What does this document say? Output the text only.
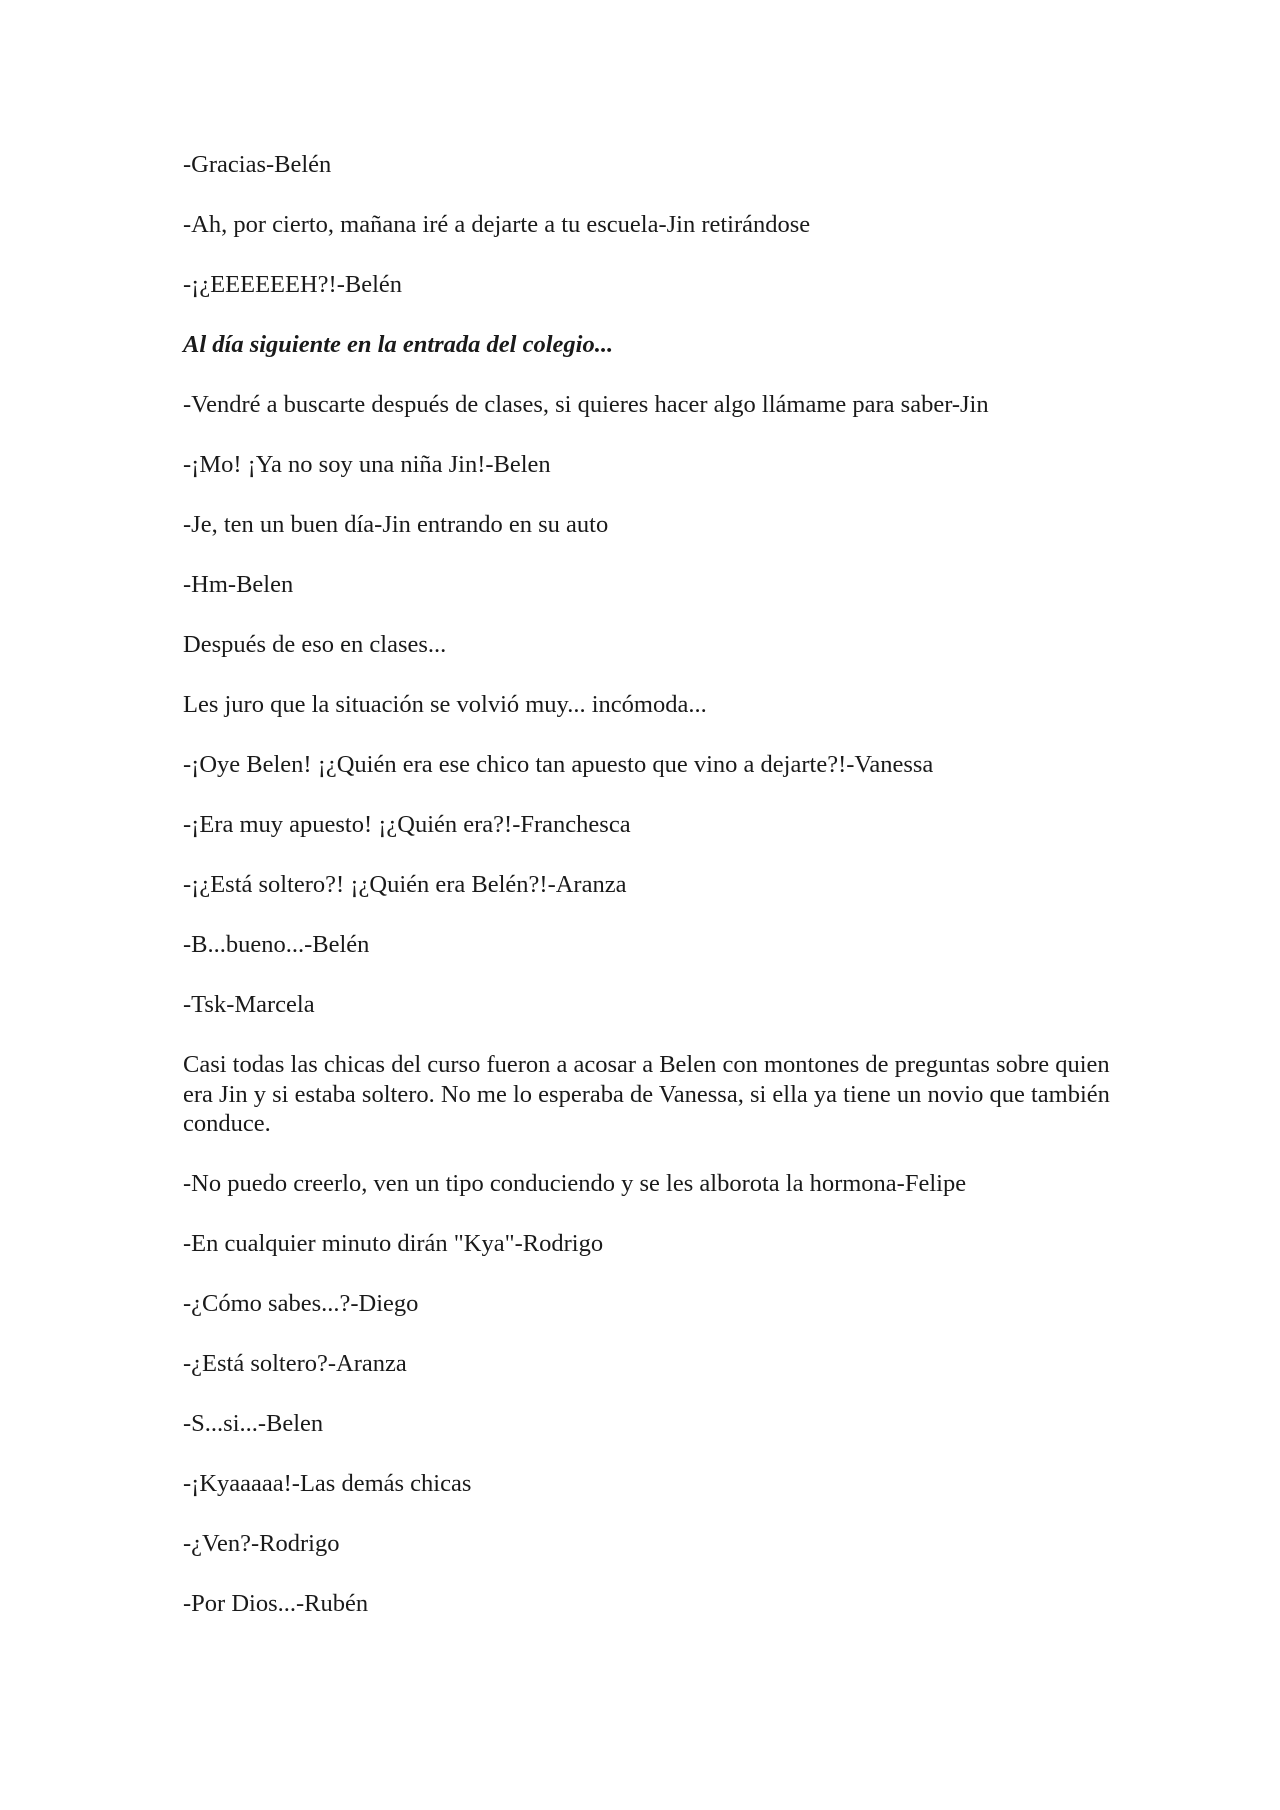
-Gracias-Belén

-Ah, por cierto, mañana iré a dejarte a tu escuela-Jin retirándose

-¡¿EEEEEEH?!-Belén

Al día siguiente en la entrada del colegio...

-Vendré a buscarte después de clases, si quieres hacer algo llámame para saber-Jin

-¡Mo! ¡Ya no soy una niña Jin!-Belen

-Je, ten un buen día-Jin entrando en su auto

-Hm-Belen

Después de eso en clases...

Les juro que la situación se volvió muy... incómoda...

-¡Oye Belen! ¡¿Quién era ese chico tan apuesto que vino a dejarte?!-Vanessa

-¡Era muy apuesto! ¡¿Quién era?!-Franchesca

-¡¿Está soltero?! ¡¿Quién era Belén?!-Aranza

-B...bueno...-Belén

-Tsk-Marcela

Casi todas las chicas del curso fueron a acosar a Belen con montones de preguntas sobre quien era Jin y si estaba soltero. No me lo esperaba de Vanessa, si ella ya tiene un novio que también conduce.

-No puedo creerlo, ven un tipo conduciendo y se les alborota la hormona-Felipe

-En cualquier minuto dirán "Kya"-Rodrigo

-¿Cómo sabes...?-Diego

-¿Está soltero?-Aranza

-S...si...-Belen

-¡Kyaaaaa!-Las demás chicas

-¿Ven?-Rodrigo

-Por Dios...-Rubén
